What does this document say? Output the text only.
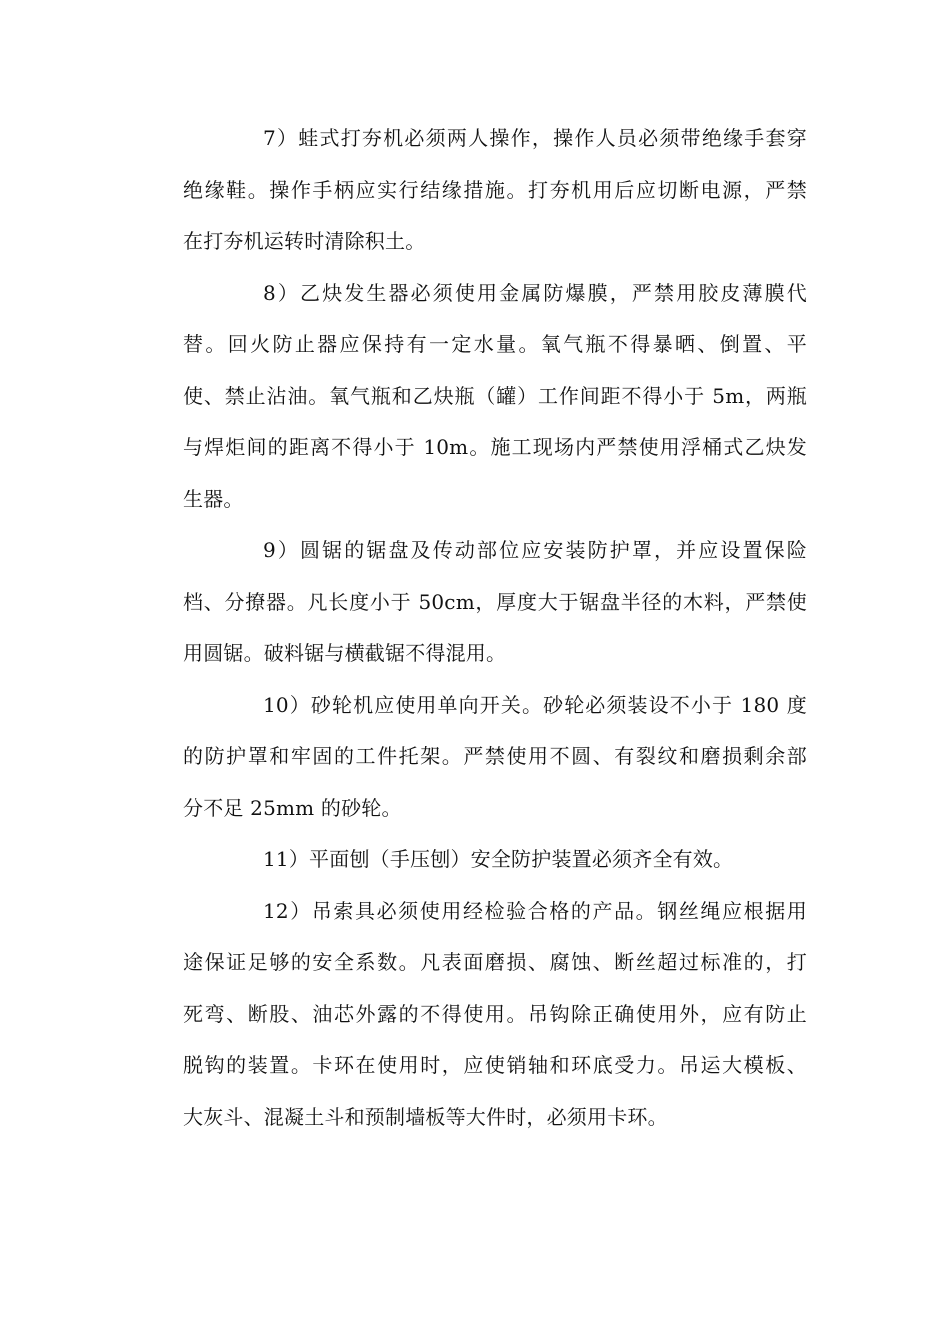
7）蛙式打夯机必须两人操作，操作人员必须带绝缘手套穿
绝缘鞋。操作手柄应实行结缘措施。打夯机用后应切断电源，严禁
在打夯机运转时清除积土。
8）乙炔发生器必须使用金属防爆膜，严禁用胶皮薄膜代
替。回火防止器应保持有一定水量。氧气瓶不得暴晒、倒置、平
使、禁止沾油。氧气瓶和乙炔瓶（罐）工作间距不得小于 5m，两瓶
与焊炬间的距离不得小于 10m。施工现场内严禁使用浮桶式乙炔发
生器。
9）圆锯的锯盘及传动部位应安装防护罩，并应设置保险
档、分撩器。凡长度小于 50cm，厚度大于锯盘半径的木料，严禁使
用圆锯。破料锯与横截锯不得混用。
10）砂轮机应使用单向开关。砂轮必须装设不小于 180 度
的防护罩和牢固的工件托架。严禁使用不圆、有裂纹和磨损剩余部
分不足 25mm 的砂轮。
11）平面刨（手压刨）安全防护装置必须齐全有效。
12）吊索具必须使用经检验合格的产品。钢丝绳应根据用
途保证足够的安全系数。凡表面磨损、腐蚀、断丝超过标准的，打
死弯、断股、油芯外露的不得使用。吊钩除正确使用外，应有防止
脱钩的装置。卡环在使用时，应使销轴和环底受力。吊运大模板、
大灰斗、混凝土斗和预制墙板等大件时，必须用卡环。
